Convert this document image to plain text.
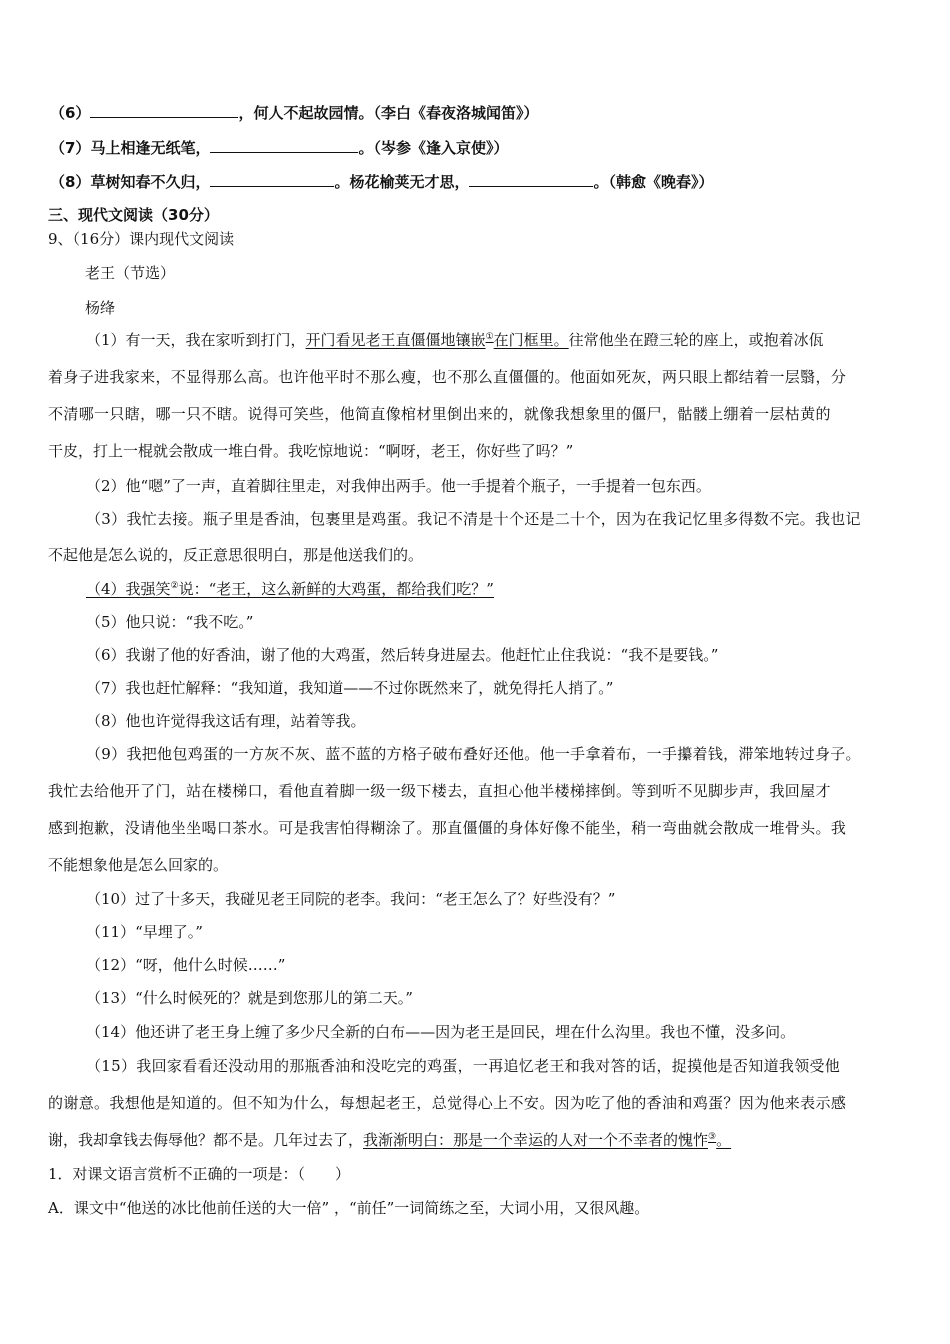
（6）	，何人不起故园情。（李白《春夜洛城闻笛》）
（7）马上相逢无纸笔，	。（岑参《逢入京使》）
（8）草树知春不久归，	。杨花榆荚无才思，	。（韩愈《晚春》）
三、现代文阅读（30分）
9、（16分）课内现代文阅读
老王（节选）
杨绛
（1）有一天，我在家听到打门，开门看见老王直僵僵地镶嵌①在门框里。往常他坐在蹬三轮的座上，或抱着冰佤
着身子进我家来，不显得那么高。也许他平时不那么瘦，也不那么直僵僵的。他面如死灰，两只眼上都结着一层翳，分
不清哪一只瞎，哪一只不瞎。说得可笑些，他简直像棺材里倒出来的，就像我想象里的僵尸，骷髅上绷着一层枯黄的
干皮，打上一棍就会散成一堆白骨。我吃惊地说：“啊呀，老王，你好些了吗？”
（2）他“嗯”了一声，直着脚往里走，对我伸出两手。他一手提着个瓶子，一手提着一包东西。
（3）我忙去接。瓶子里是香油，包裹里是鸡蛋。我记不清是十个还是二十个，因为在我记忆里多得数不完。我也记
不起他是怎么说的，反正意思很明白，那是他送我们的。
（4）我强笑②说：“老王，这么新鲜的大鸡蛋，都给我们吃？”
（5）他只说：“我不吃。”
（6）我谢了他的好香油，谢了他的大鸡蛋，然后转身进屋去。他赶忙止住我说：“我不是要钱。”
（7）我也赶忙解释：“我知道，我知道——不过你既然来了，就免得托人捎了。”
（8）他也许觉得我这话有理，站着等我。
（9）我把他包鸡蛋的一方灰不灰、蓝不蓝的方格子破布叠好还他。他一手拿着布，一手攥着钱，滞笨地转过身子。
我忙去给他开了门，站在楼梯口，看他直着脚一级一级下楼去，直担心他半楼梯摔倒。等到听不见脚步声，我回屋才
感到抱歉，没请他坐坐喝口茶水。可是我害怕得糊涂了。那直僵僵的身体好像不能坐，稍一弯曲就会散成一堆骨头。我
不能想象他是怎么回家的。
（10）过了十多天，我碰见老王同院的老李。我问：“老王怎么了？好些没有？”
（11）“早埋了。”
（12）“呀，他什么时候……”
（13）“什么时候死的？就是到您那儿的第二天。”
（14）他还讲了老王身上缠了多少尺全新的白布——因为老王是回民，埋在什么沟里。我也不懂，没多问。
（15）我回家看看还没动用的那瓶香油和没吃完的鸡蛋，一再追忆老王和我对答的话，捉摸他是否知道我领受他
的谢意。我想他是知道的。但不知为什么，每想起老王，总觉得心上不安。因为吃了他的香油和鸡蛋？因为他来表示感
谢，我却拿钱去侮辱他？都不是。几年过去了，我渐渐明白：那是一个幸运的人对一个不幸者的愧怍③。
1．对课文语言赏析不正确的一项是：（　　）
A．课文中“他送的冰比他前任送的大一倍” ，“前任”一词简练之至，大词小用，又很风趣。
